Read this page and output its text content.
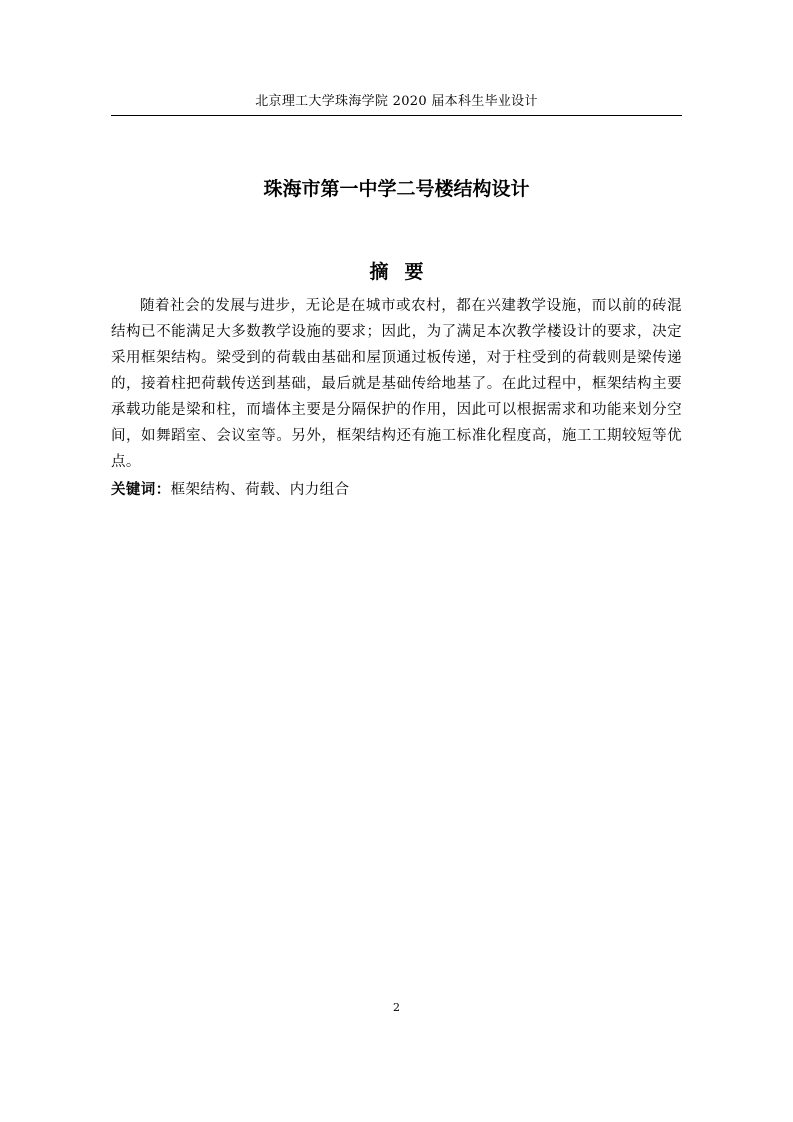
北京理工大学珠海学院 2020 届本科生毕业设计
珠海市第一中学二号楼结构设计
摘要

随着社会的发展与进步，无论是在城市或农村，都在兴建教学设施，而以前的砖混结构已不能满足大多数教学设施的要求；因此，为了满足本次教学楼设计的要求，决定采用框架结构。梁受到的荷载由基础和屋顶通过板传递，对于柱受到的荷载则是梁传递的，接着柱把荷载传送到基础，最后就是基础传给地基了。在此过程中，框架结构主要承载功能是梁和柱，而墙体主要是分隔保护的作用，因此可以根据需求和功能来划分空间，如舞蹈室、会议室等。另外，框架结构还有施工标准化程度高，施工工期较短等优点。

关键词：框架结构、荷载、内力组合
2
